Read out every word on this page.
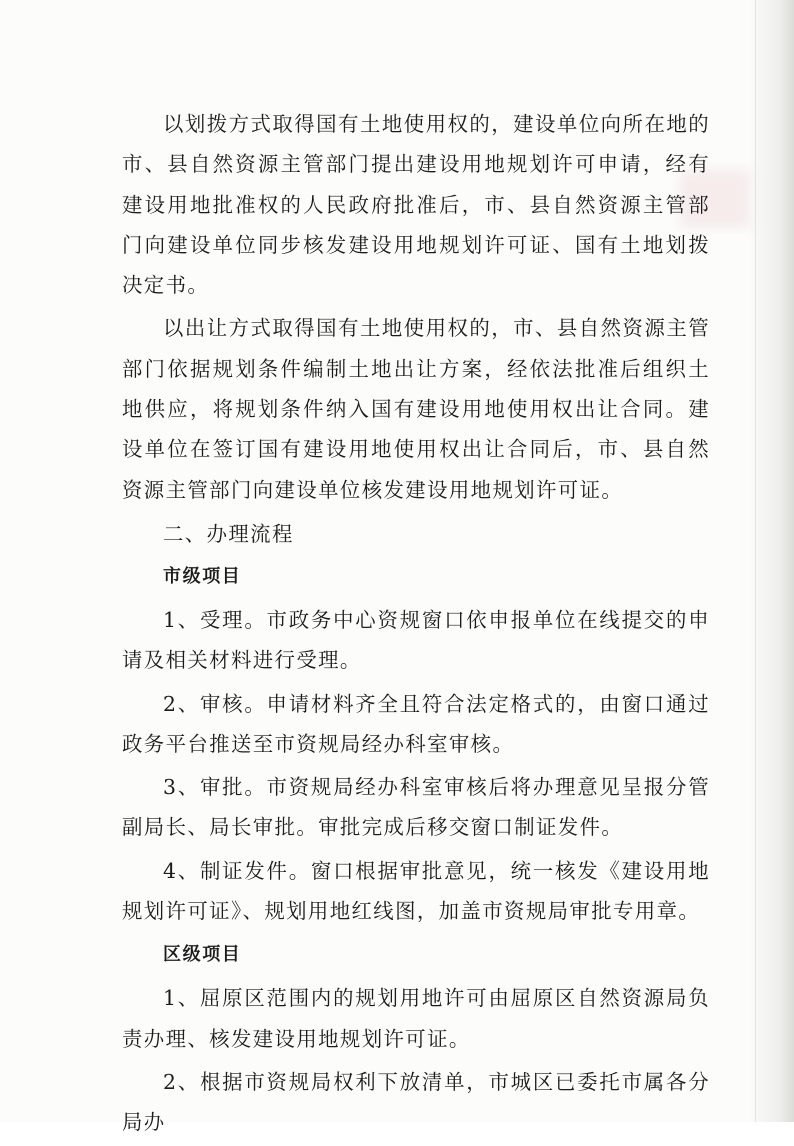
以划拨方式取得国有土地使用权的，建设单位向所在地的市、县自然资源主管部门提出建设用地规划许可申请，经有建设用地批准权的人民政府批准后，市、县自然资源主管部门向建设单位同步核发建设用地规划许可证、国有土地划拨决定书。

以出让方式取得国有土地使用权的，市、县自然资源主管部门依据规划条件编制土地出让方案，经依法批准后组织土地供应，将规划条件纳入国有建设用地使用权出让合同。建设单位在签订国有建设用地使用权出让合同后，市、县自然资源主管部门向建设单位核发建设用地规划许可证。

二、办理流程
市级项目

1、受理。市政务中心资规窗口依申报单位在线提交的申请及相关材料进行受理。

2、审核。申请材料齐全且符合法定格式的，由窗口通过政务平台推送至市资规局经办科室审核。

3、审批。市资规局经办科室审核后将办理意见呈报分管副局长、局长审批。审批完成后移交窗口制证发件。

4、制证发件。窗口根据审批意见，统一核发《建设用地规划许可证》、规划用地红线图，加盖市资规局审批专用章。

区级项目

1、屈原区范围内的规划用地许可由屈原区自然资源局负责办理、核发建设用地规划许可证。

2、根据市资规局权利下放清单，市城区已委托市属各分局办
